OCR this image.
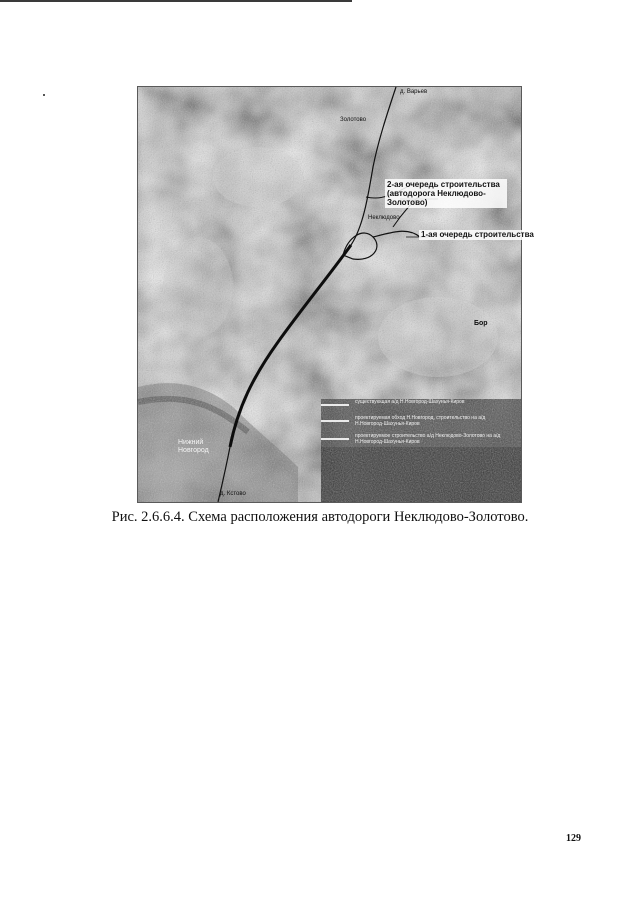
д. Варьев
Золотово
2-ая очередь строительства (автодорога Неклюдово-Золотово)
Неклюдово
1-ая очередь строительства
Бор
Нижний Новгород
д. Кстово
существующая а/д Н.Новгород-Шахунья-Киров
проектируемая обход Н.Новгород, строительство на а/д Н.Новгород-Шахунья-Киров
проектируемое строительство а/д Неклюдово-Золотово на а/д Н.Новгород-Шахунья-Киров
Рис. 2.6.6.4. Схема расположения автодороги Неклюдово-Золотово.
129
